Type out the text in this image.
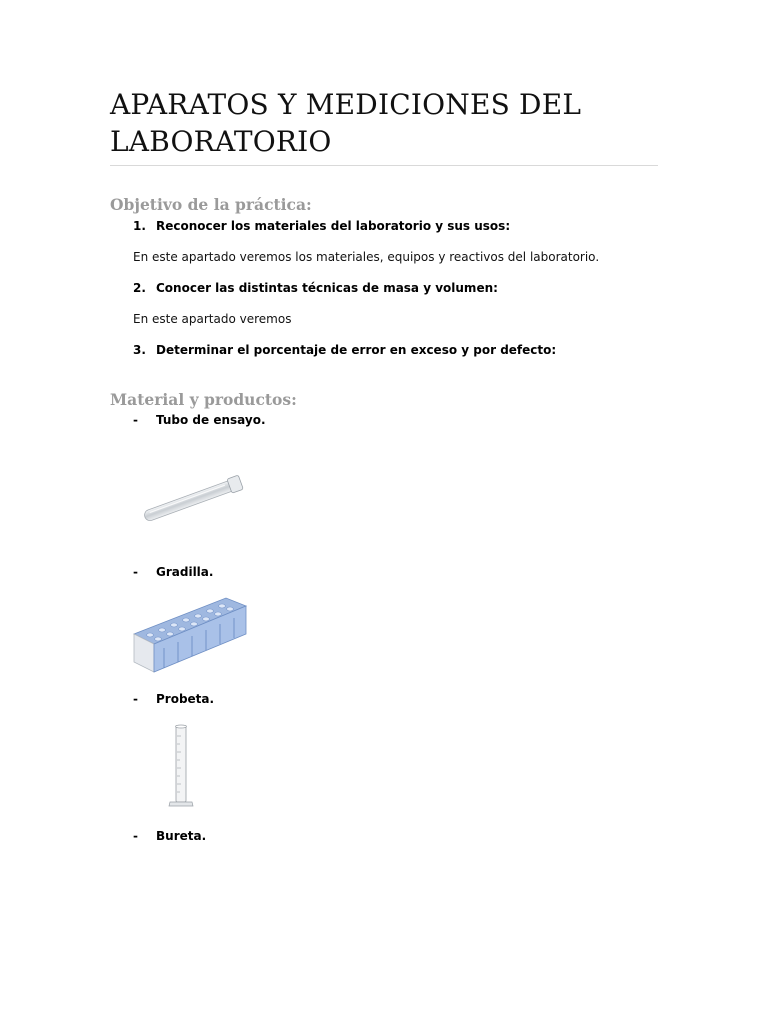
APARATOS Y MEDICIONES DEL LABORATORIO
Objetivo de la práctica:
1. Reconocer los materiales del laboratorio y sus usos:
En este apartado veremos los materiales, equipos y reactivos del laboratorio.
2. Conocer las distintas técnicas de masa y volumen:
En este apartado veremos
3. Determinar el porcentaje de error en exceso y por defecto:
Material y productos:
- Tubo de ensayo.
- Gradilla.
- Probeta.
- Bureta.
